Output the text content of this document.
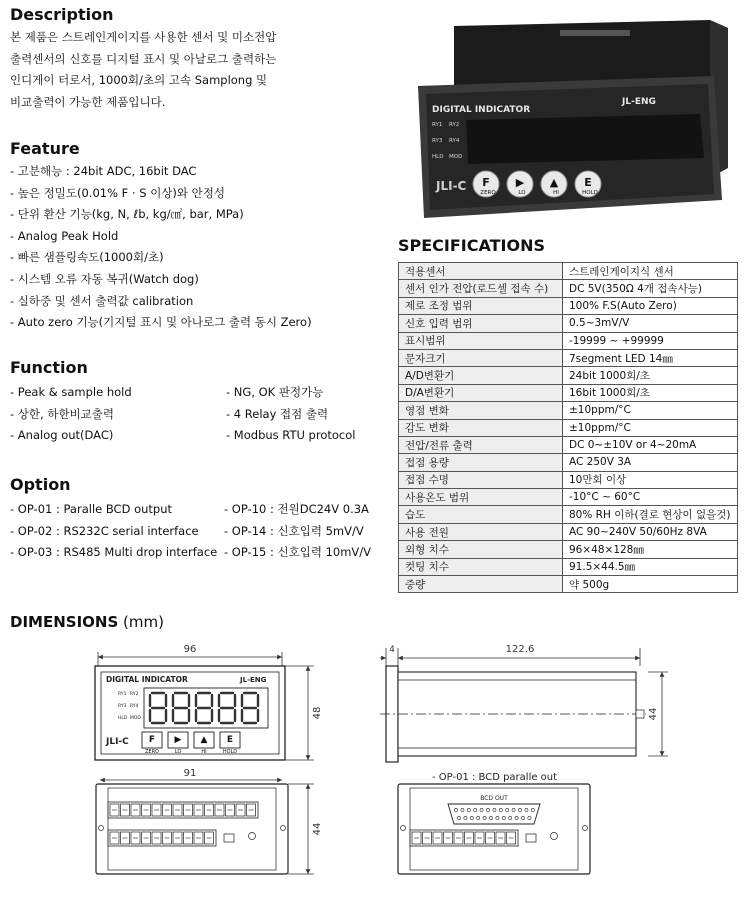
Description
본 제품은 스트레인게이지를 사용한 센서 및 미소전압
출력센서의 신호를 디지털 표시 및 아날로그 출력하는
인디게이 터로서, 1000회/초의 고속 Samplong 및
비교출력이 가능한 제품입니다.
Feature
- 고분해능 : 24bit ADC, 16bit DAC
- 높은 정밀도(0.01% F · S 이상)와 안정성
- 단위 환산 기능(kg, N, ℓb, kg/㎠, bar, MPa)
- Analog Peak Hold
- 빠른 샘플링속도(1000회/초)
- 시스템 오류 자동 복귀(Watch dog)
- 실하중 및 센서 출력값 calibration
- Auto zero 기능(기지털 표시 및 아나로그 출력 동시 Zero)
Function
- Peak & sample hold
- 상한, 하한비교출력
- Analog out(DAC)
- NG, OK 판정가능
- 4 Relay 접점 출력
- Modbus RTU protocol
Option
- OP-01 : Paralle BCD output
- OP-02 : RS232C serial interface
- OP-03 : RS485 Multi drop interface
- OP-10 : 전원DC24V 0.3A
- OP-14 : 신호입력 5mV/V
- OP-15 : 신호입력 10mV/V
DIGITAL INDICATOR
JL-ENG
RY1 RY2
RY3 RY4
HLD MOD
JLI-C F
ZERO
▶
LO
▲
HI
E
HOLD
SPECIFICATIONS
적용센서	스트레인게이지식 센서
센서 인가 전압(로드셀 접속 수)	DC 5V(350Ω 4개 접속사능)
제로 조정 범위	100% F.S(Auto Zero)
신호 입력 범위	0.5~3mV/V
표시범위	-19999 ~ +99999
문자크기	7segment LED 14㎜
A/D변환기	24bit 1000회/초
D/A변환기	16bit 1000회/초
영점 변화	±10ppm/°C
감도 변화	±10ppm/°C
전압/전류 출력	DC 0~±10V or 4~20mA
접점 용량	AC 250V 3A
접점 수명	10만회 이상
사용온도 범위	-10°C ~ 60°C
습도	80% RH 이하(결로 현상이 없을것)
사용 전원	AC 90~240V 50/60Hz 8VA
외형 치수	96×48×128㎜
컷팅 치수	91.5×44.5㎜
중량	약 500g
DIMENSIONS (mm)
96
DIGITAL INDICATOR	JL-ENG
RY1 RY2
RY3 RY4
HLD MOD
JLI-C F
ZERO
▶
LO
▲
HI
E
HOLD
48
91
44
4	122.6
44
- OP-01 : BCD paralle out
BCD OUT
